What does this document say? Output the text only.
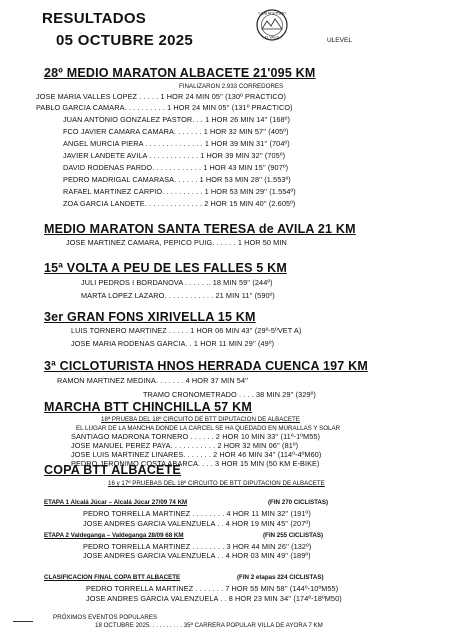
RESULTADOS
05 OCTUBRE 2025
CLUB ATLETISMO
EL VALLE	ULEVEL
28º MEDIO MARATON ALBACETE 21'095 KM
FINALIZARON 2.933 CORREDORES
JOSE MARIA VALLES LOPEZ . . . . . 1 HOR 24 MIN 05'' (130º PRACTICO)
PABLO GARCIA CAMARA. . . . . . . . . . 1 HOR 24 MIN 05'' (131º PRACTICO)
JUAN ANTONIO GONZALEZ PASTOR. . . 1 HOR 26 MIN 14'' (168º)
FCO JAVIER CAMARA CAMARA. . . . . . . 1 HOR 32 MIN 57'' (405º)
ANGEL MURCIA PIERA . . . . . . . . . . . . . . 1 HOR 39 MIN 31'' (704º)
JAVIER LANDETE AVILA . . . . . . . . . . . . 1 HOR 39 MIN 32'' (705º)
DAVID RODENAS PARDO. . . . . . . . . . . . 1 HOR 43 MIN 15'' (907º)
PEDRO MADRIGAL CAMARASA. . . . . . 1 HOR 53 MIN 28'' (1.553º)
RAFAEL MARTINEZ CARPIO. . . . . . . . . . 1 HOR 53 MIN 29'' (1.554º)
ZOA GARCIA LANDETE. . . . . . . . . . . . . . 2 HOR 15 MIN 40'' (2.605º)
MEDIO MARATON SANTA TERESA de AVILA 21 KM
JOSE MARTINEZ CAMARA, PEPICO PUIG. . . . . . 1 HOR 50 MIN
15ª VOLTA A PEU DE LES FALLES 5 KM
JULI PEDROS I BORDANOVA . . . . . .. 18 MIN 59'' (244º)
MARTA LOPEZ LAZARO. . . . . . . . . . . . 21 MIN 11'' (590º)
3er GRAN FONS XIRIVELLA 15 KM
LUIS TORNERO MARTINEZ . . . . . 1 HOR 06 MIN 43'' (29º-5ºVET A)
JOSE MARIA RODENAS GARCIA. . 1 HOR 11 MIN 29'' (49º)
3ª CICLOTURISTA HNOS HERRADA CUENCA 197 KM
RAMON MARTINEZ MEDINA. . . . . . . 4 HOR 37 MIN 54''
TRAMO CRONOMETRADO . . . . 38 MIN 29'' (329º)
MARCHA BTT CHINCHILLA 57 KM
18ª PRUEBA DEL 18º CIRCUITO DE BTT DIPUTACION DE ALBACETE
EL LUGAR DE LA MANCHA DONDE LA CARCEL SE HA QUEDADO EN MURALLAS Y SOLAR
SANTIAGO MADRONA TORNERO . . . . . . 2 HOR 10 MIN 33'' (11º-1ºM55)
JOSE MANUEL PEREZ PAYA. . . . . . . . . . . 2 HOR 32 MIN 06'' (81º)
JOSE LUIS MARTINEZ LINARES. . . . . . . 2 HOR 46 MIN 34'' (114º-4ºM60)
PEDRO JERONIMO COSTA ABARCA. . . . 3 HOR 15 MIN (50 KM E-BIKE)
COPA BTT ALBACETE
16 y 17º PRUEBAS DEL 18º CIRCUITO DE BTT DIPUTACION DE ALBACETE
ETAPA 1 Alcalá Júcar – Alcalá Júcar 27/09 74 KM	(FIN 270 CICLISTAS)
PEDRO TORRELLA MARTINEZ . . . . . . . . 4 HOR 11 MIN 32'' (191º)
JOSE ANDRES GARCIA VALENZUELA . . 4 HOR 19 MIN 45'' (207º)
ETAPA 2 Valdeganga – Valdeganga 28/09 68 KM	(FIN 255 CICLISTAS)
PEDRO TORRELLA MARTINEZ . . . . . . . . 3 HOR 44 MIN 26'' (132º)
JOSE ANDRES GARCIA VALENZUELA . . 4 HOR 03 MIN 49'' (189º)
CLASIFICACION FINAL COPA BTT ALBACETE	(FIN 2 etapas 224 CICLISTAS)
PEDRO TORRELLA MARTINEZ . . . . . . . 7 HOR 55 MIN 58'' (144º-10ºM55)
JOSE ANDRES GARCIA VALENZUELA . . 8 HOR 23 MIN 34'' (174º-18ºM50)
PRÓXIMOS EVENTOS POPULARES
18 OCTUBRE 2025. . . . . . . . . . 35ª CARRERA POPULAR VILLA DE AYORA 7 KM
